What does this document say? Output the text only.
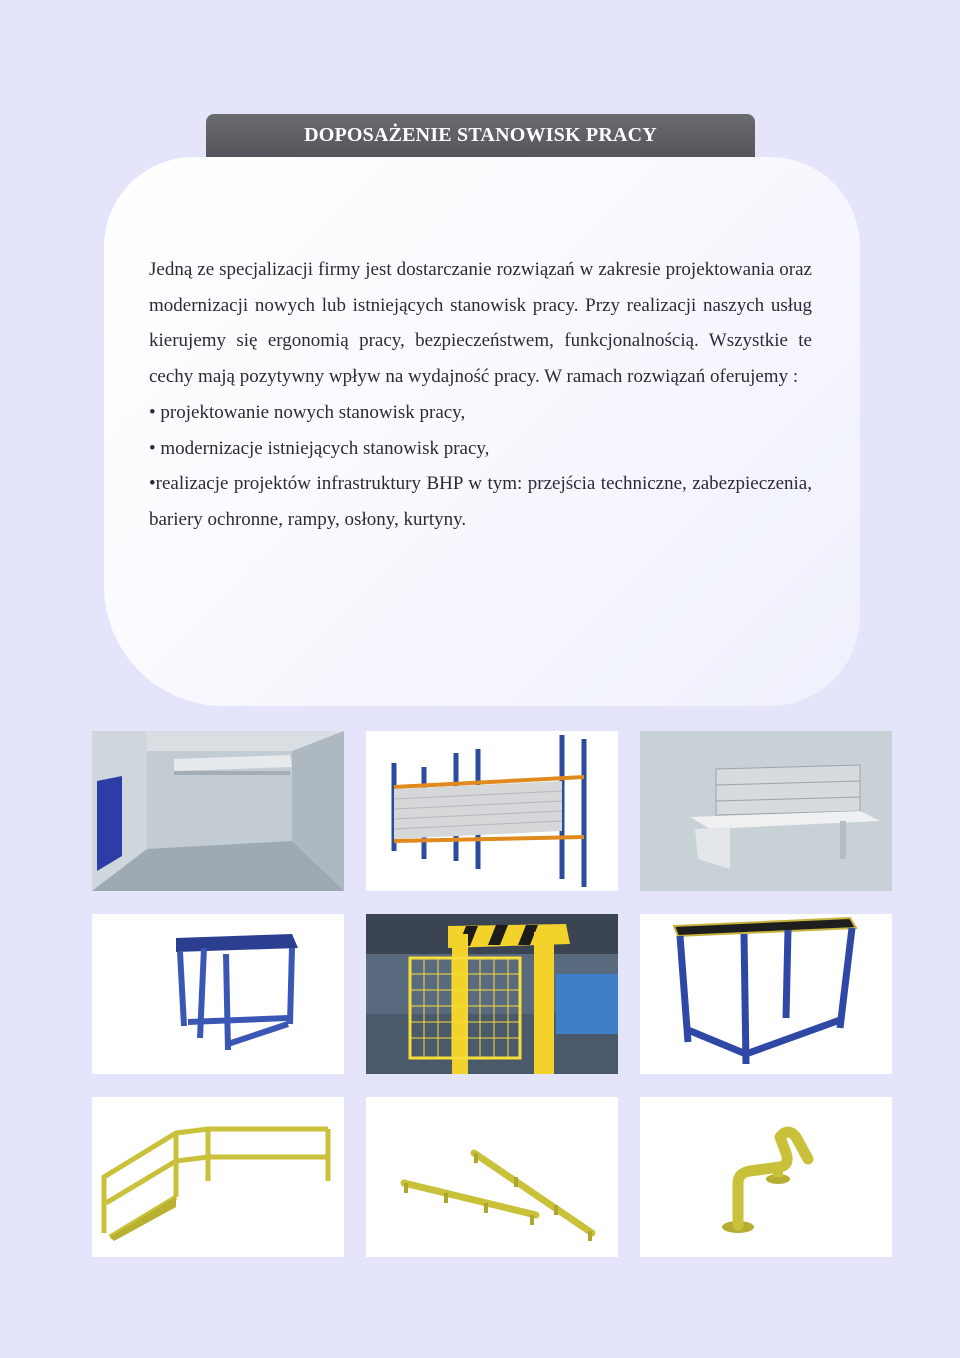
DOPOSAŻENIE STANOWISK PRACY

Jedną ze specjalizacji firmy jest dostarczanie rozwiązań w zakresie projektowania oraz modernizacji nowych lub istniejących stanowisk pracy. Przy realizacji naszych usług kierujemy się ergonomią pracy, bezpieczeństwem, funkcjonalnością. Wszystkie te cechy mają pozytywny wpływ na wydajność pracy. W ramach rozwiązań oferujemy :

• projektowanie nowych stanowisk pracy,

• modernizacje istniejących stanowisk pracy,

•realizacje projektów infrastruktury BHP w tym: przejścia techniczne, zabezpieczenia, bariery ochronne, rampy, osłony, kurtyny.
